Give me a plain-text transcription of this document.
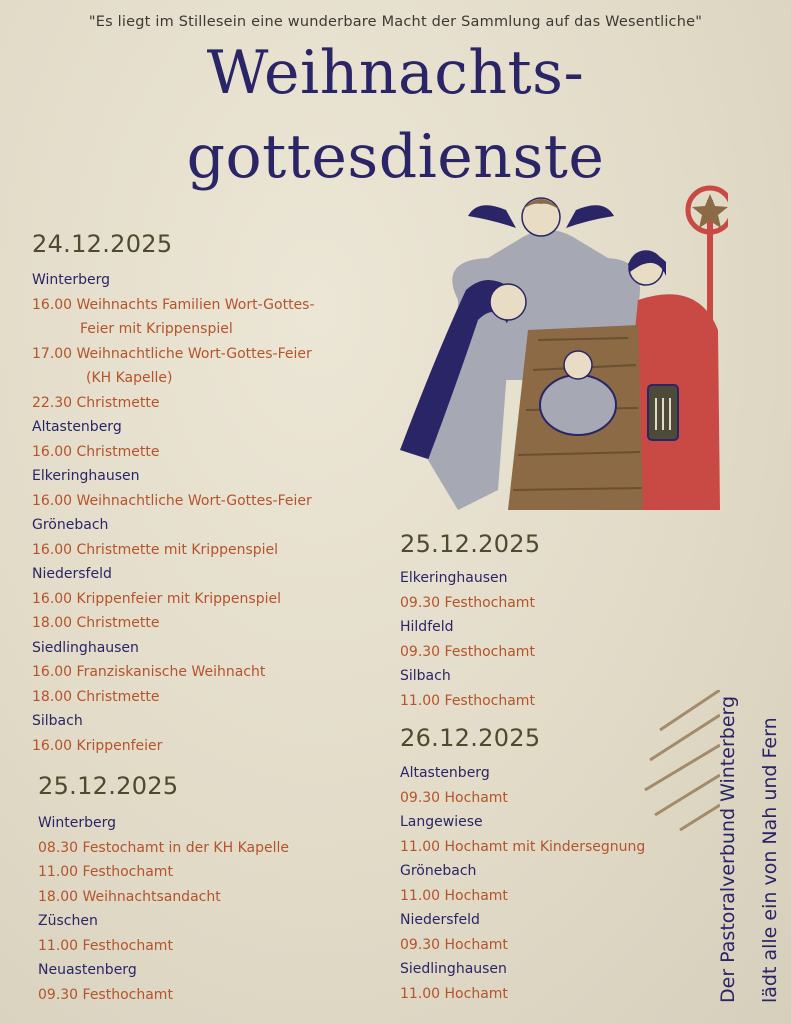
"Es liegt im Stillesein eine wunderbare Macht der Sammlung auf das Wesentliche"
Weihnachts-
gottesdienste
24.12.2025
Winterberg
16.00 Weihnachts Familien Wort-Gottes-
Feier mit Krippenspiel
17.00 Weihnachtliche Wort-Gottes-Feier
(KH Kapelle)
22.30 Christmette
Altastenberg
16.00 Christmette
Elkeringhausen
16.00 Weihnachtliche Wort-Gottes-Feier
Grönebach
16.00 Christmette mit Krippenspiel
Niedersfeld
16.00 Krippenfeier mit Krippenspiel
18.00 Christmette
Siedlinghausen
16.00 Franziskanische Weihnacht
18.00 Christmette
Silbach
16.00 Krippenfeier
25.12.2025
Winterberg
08.30 Festochamt in der KH Kapelle
11.00 Festhochamt
18.00 Weihnachtsandacht
Züschen
11.00 Festhochamt
Neuastenberg
09.30 Festhochamt
25.12.2025
Elkeringhausen
09.30 Festhochamt
Hildfeld
09.30 Festhochamt
Silbach
11.00 Festhochamt
26.12.2025
Altastenberg
09.30 Hochamt
Langewiese
11.00 Hochamt mit Kindersegnung
Grönebach
11.00 Hochamt
Niedersfeld
09.30 Hochamt
Siedlinghausen
11.00 Hochamt	Der Pastoralverbund Winterberg lädt alle ein von Nah und Fern
